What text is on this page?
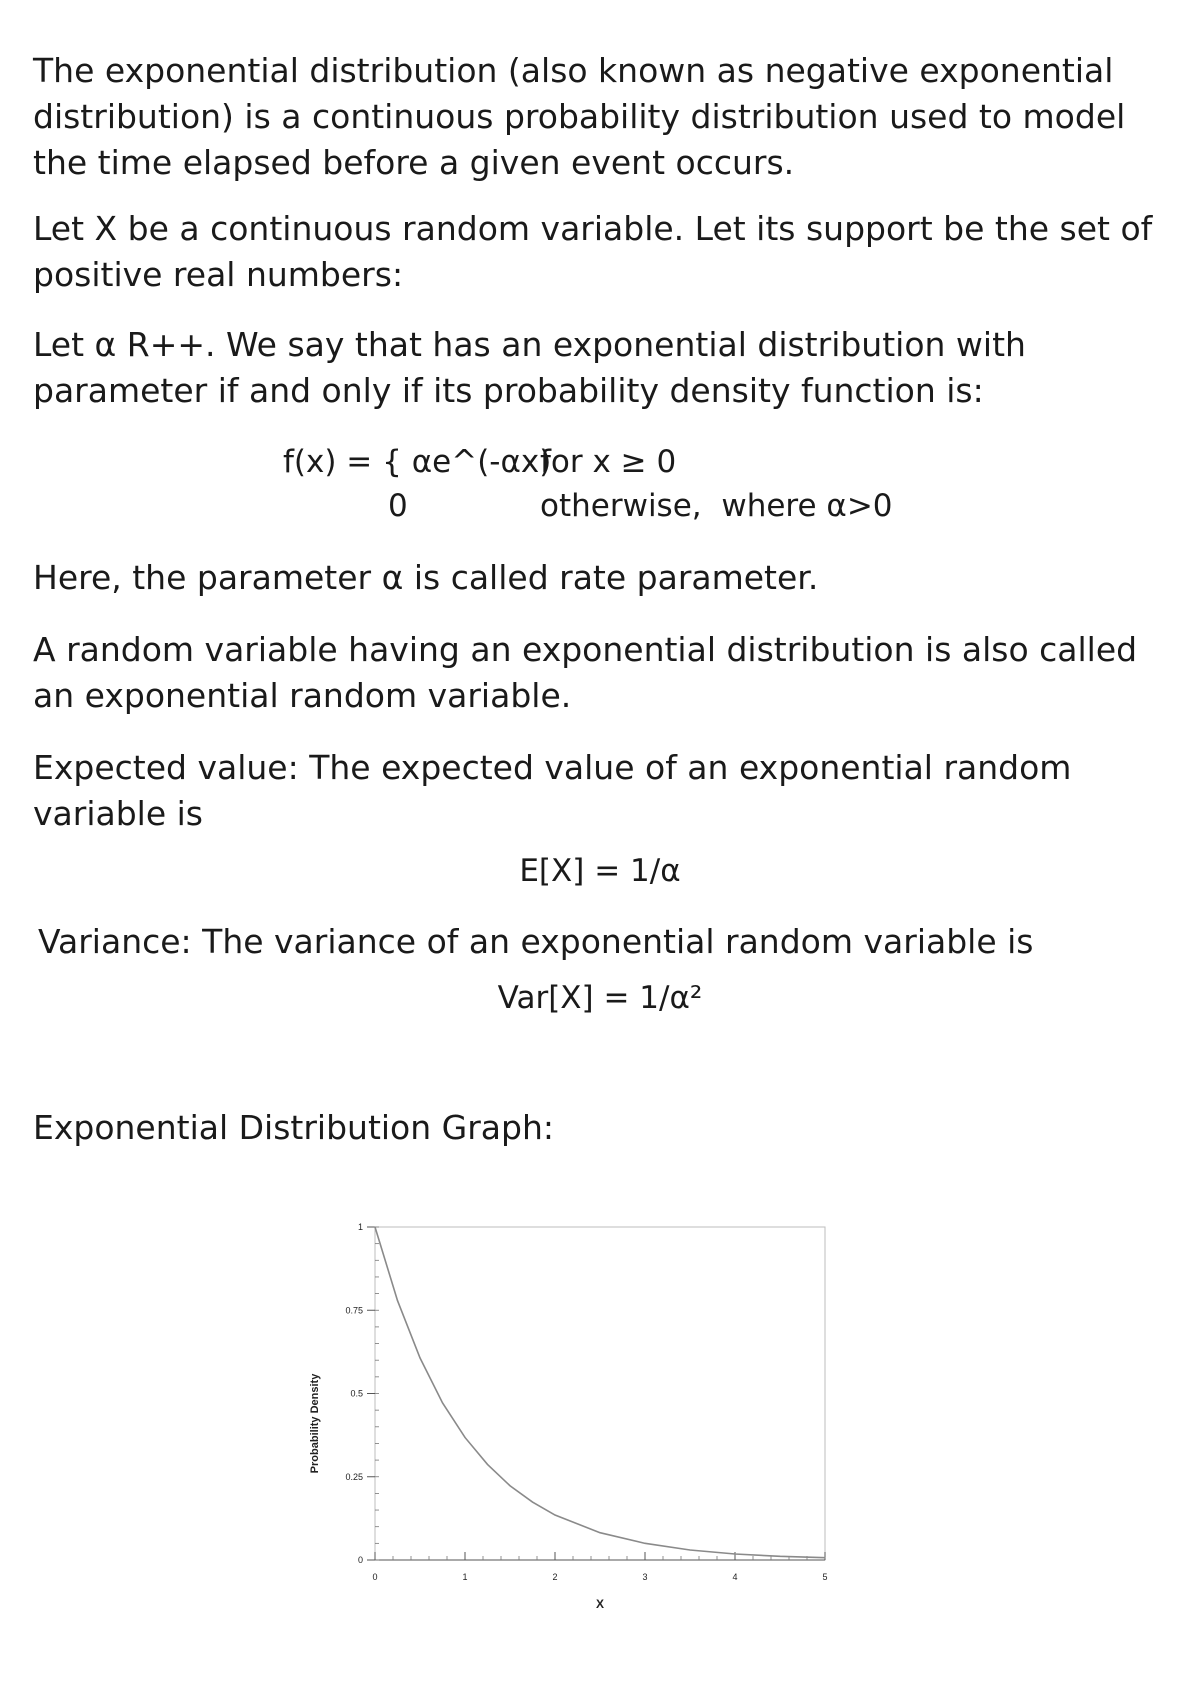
The exponential distribution (also known as negative exponential distribution) is a continuous probability distribution used to model the time elapsed before a given event occurs.

Let X be a continuous random variable. Let its support be the set of positive real numbers:

Let α R++. We say that has an exponential distribution with parameter if and only if its probability density function is:

f(x) = { αe^(-αx)
for x ≥ 0
0	otherwise,  where α>0

Here, the parameter α is called rate parameter.

A random variable having an exponential distribution is also called an exponential random variable.

Expected value: The expected value of an exponential random variable is

E[X] = 1/α

Variance: The variance of an exponential random variable is

Var[X] = 1/α²

Exponential Distribution Graph:

0	1	2	3	4	5
0
0.25
0.5
0.75
1
X
Probability Density
